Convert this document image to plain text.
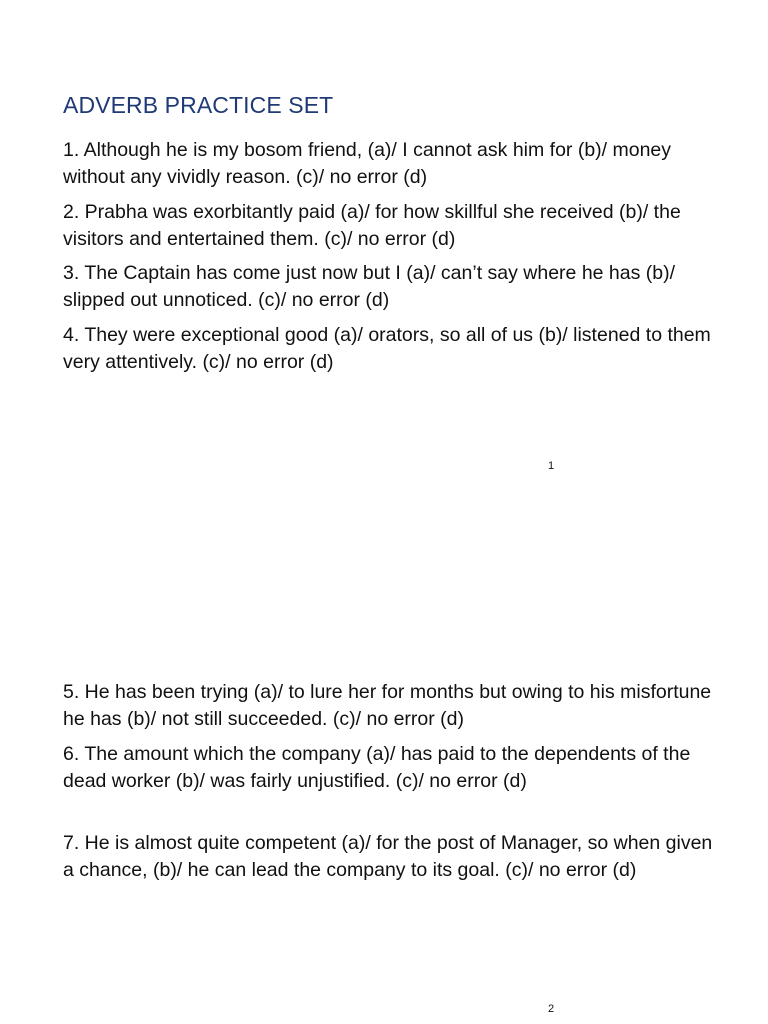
ADVERB PRACTICE SET

1. Although he is my bosom friend, (a)/ I cannot ask him for (b)/ money without any vividly reason. (c)/ no error (d)

2. Prabha was exorbitantly paid (a)/ for how skillful she received (b)/ the visitors and entertained them. (c)/ no error (d)

3. The Captain has come just now but I (a)/ can’t say where he has (b)/ slipped out unnoticed. (c)/ no error (d)

4. They were exceptional good (a)/ orators, so all of us (b)/ listened to them very attentively. (c)/ no error (d)

1

5. He has been trying (a)/ to lure her for months but owing to his misfortune he has (b)/ not still succeeded. (c)/ no error (d)

6. The amount which the company (a)/ has paid to the dependents of the dead worker (b)/ was fairly unjustified. (c)/ no error (d)

7. He is almost quite competent (a)/ for the post of Manager, so when given a chance, (b)/ he can lead the company to its goal. (c)/ no error (d)

2
